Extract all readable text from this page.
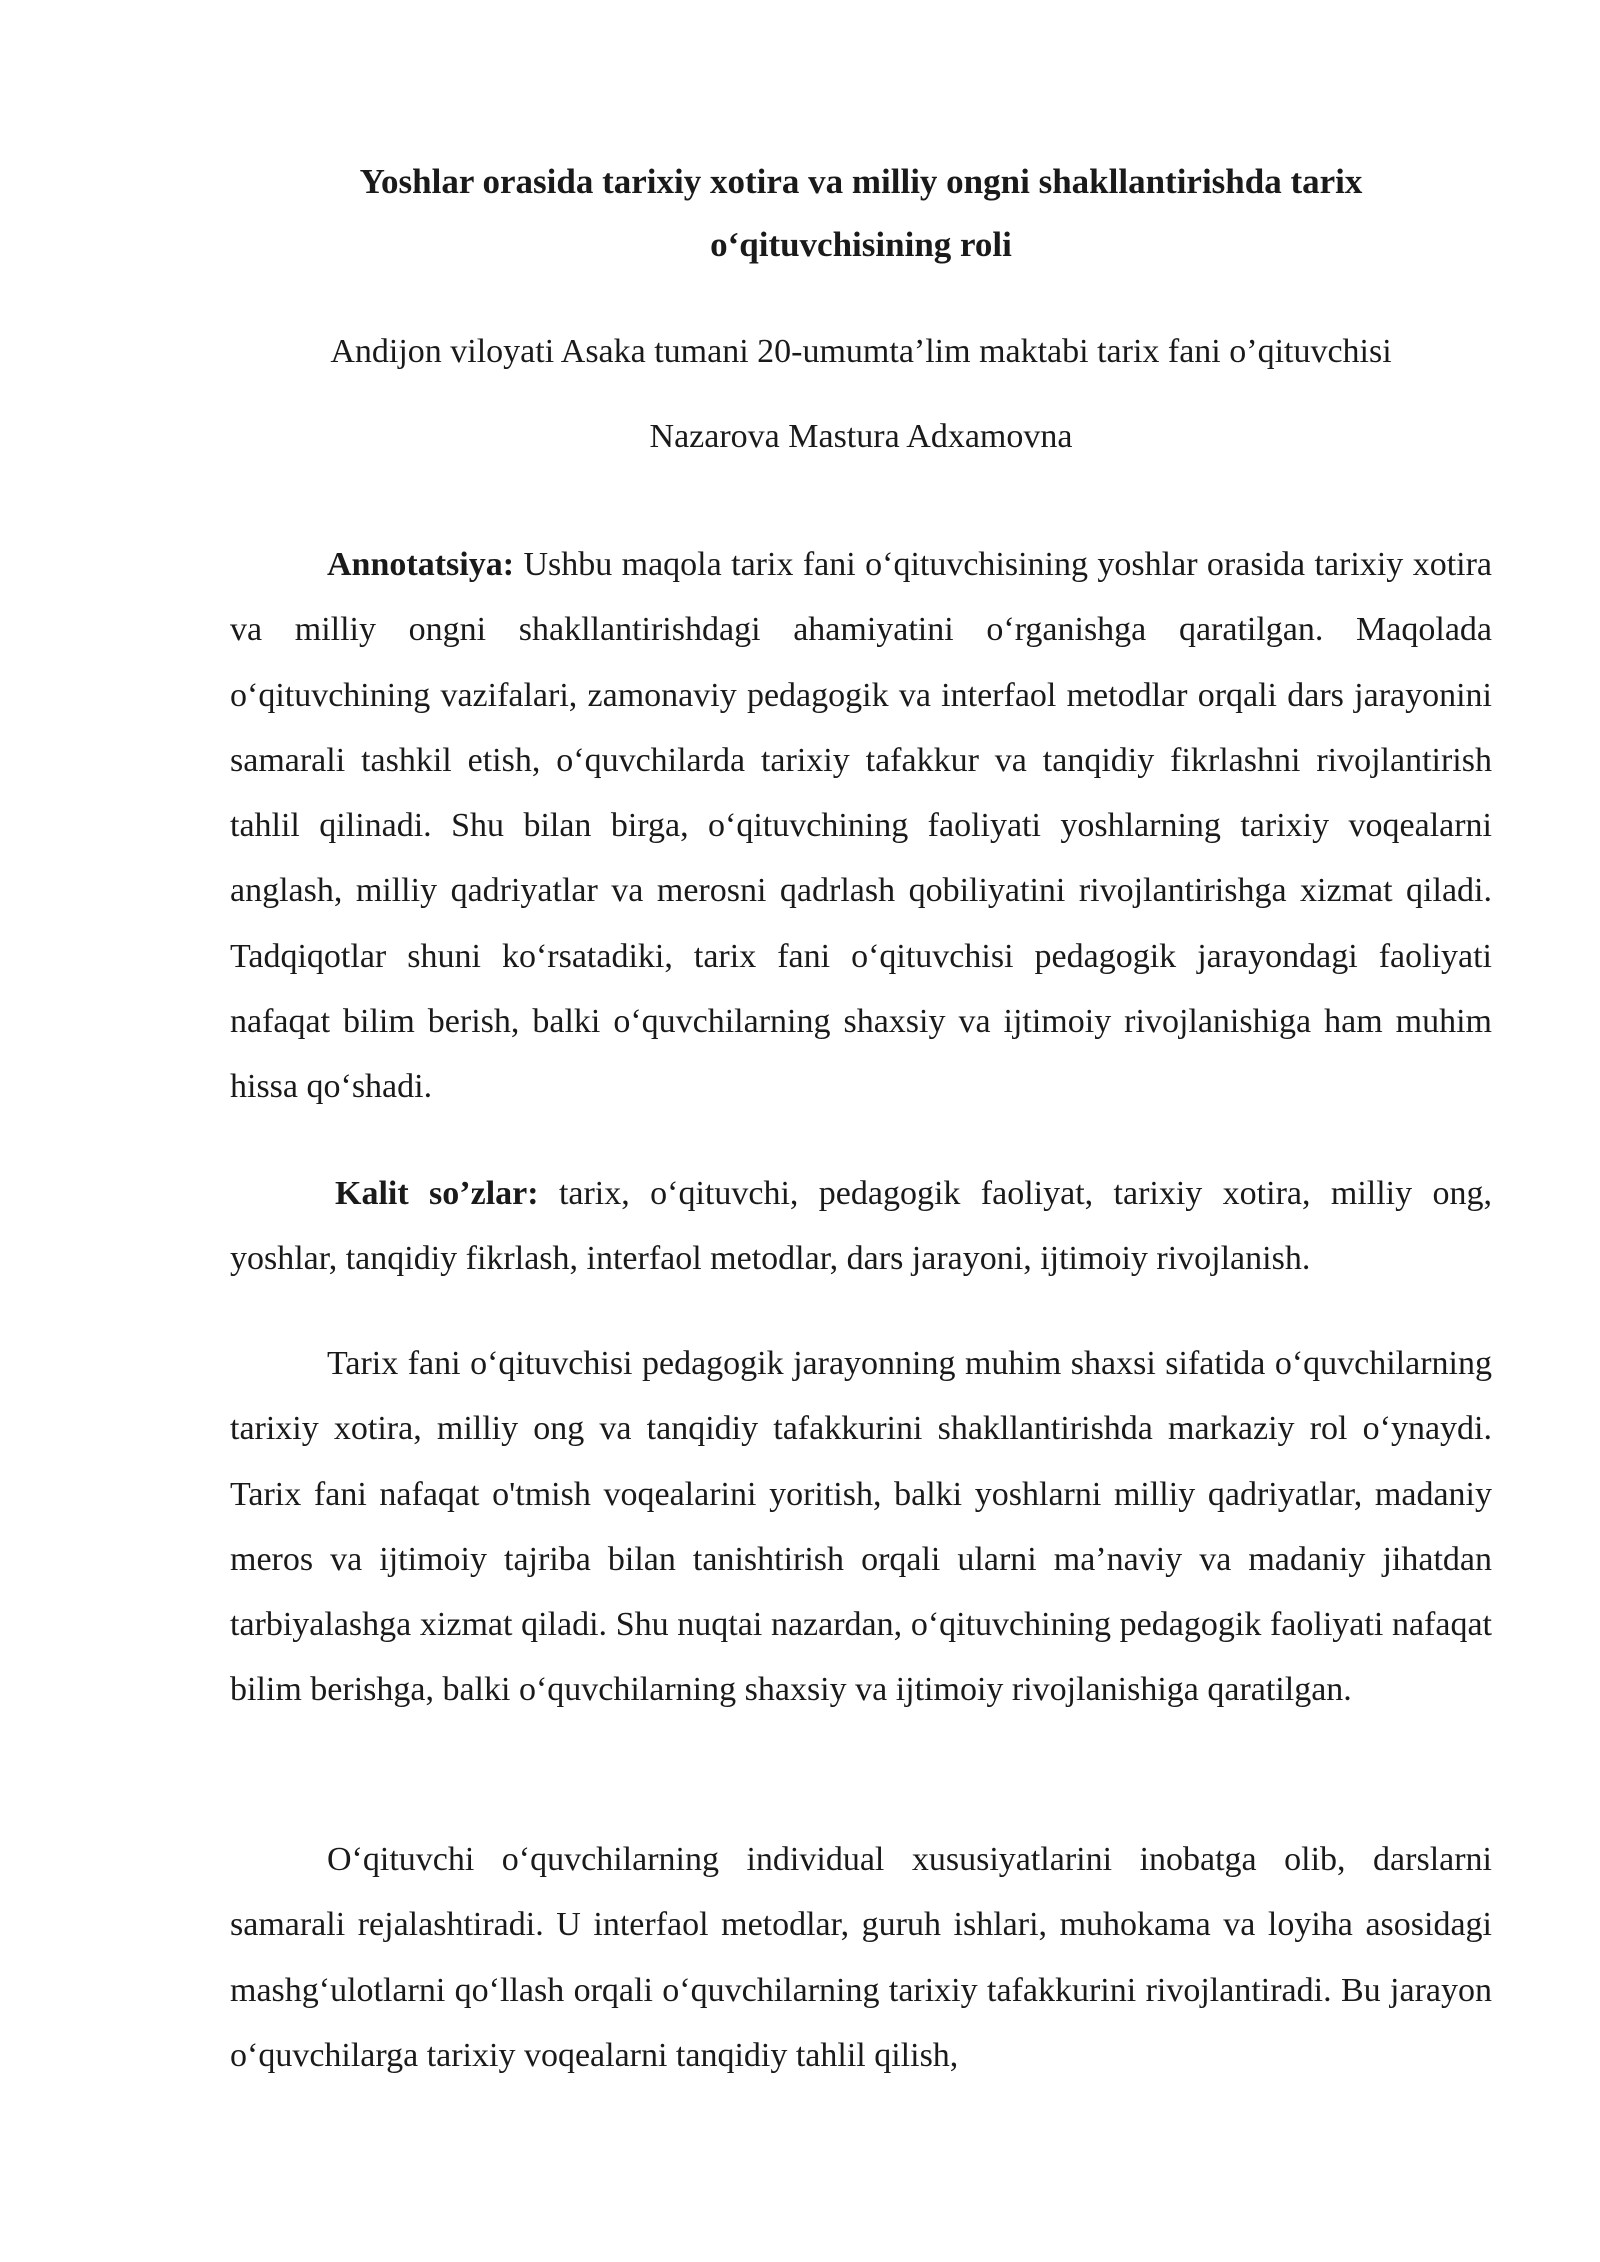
Yoshlar orasida tarixiy xotira va milliy ongni shakllantirishda tarix
o‘qituvchisining roli
Andijon viloyati Asaka tumani 20-umumta’lim maktabi tarix fani o’qituvchisi
Nazarova Mastura Adxamovna

Annotatsiya: Ushbu maqola tarix fani o‘qituvchisining yoshlar orasida tarixiy xotira va milliy ongni shakllantirishdagi ahamiyatini o‘rganishga qaratilgan. Maqolada o‘qituvchining vazifalari, zamonaviy pedagogik va interfaol metodlar orqali dars jarayonini samarali tashkil etish, o‘quvchilarda tarixiy tafakkur va tanqidiy fikrlashni rivojlantirish tahlil qilinadi. Shu bilan birga, o‘qituvchining faoliyati yoshlarning tarixiy voqealarni anglash, milliy qadriyatlar va merosni qadrlash qobiliyatini rivojlantirishga xizmat qiladi. Tadqiqotlar shuni ko‘rsatadiki, tarix fani o‘qituvchisi pedagogik jarayondagi faoliyati nafaqat bilim berish, balki o‘quvchilarning shaxsiy va ijtimoiy rivojlanishiga ham muhim hissa qo‘shadi.

Kalit so’zlar: tarix, o‘qituvchi, pedagogik faoliyat, tarixiy xotira, milliy ong, yoshlar, tanqidiy fikrlash, interfaol metodlar, dars jarayoni, ijtimoiy rivojlanish.

Tarix fani o‘qituvchisi pedagogik jarayonning muhim shaxsi sifatida o‘quvchilarning tarixiy xotira, milliy ong va tanqidiy tafakkurini shakllantirishda markaziy rol o‘ynaydi. Tarix fani nafaqat o'tmish voqealarini yoritish, balki yoshlarni milliy qadriyatlar, madaniy meros va ijtimoiy tajriba bilan tanishtirish orqali ularni ma’naviy va madaniy jihatdan tarbiyalashga xizmat qiladi. Shu nuqtai nazardan, o‘qituvchining pedagogik faoliyati nafaqat bilim berishga, balki o‘quvchilarning shaxsiy va ijtimoiy rivojlanishiga qaratilgan.

O‘qituvchi o‘quvchilarning individual xususiyatlarini inobatga olib, darslarni samarali rejalashtiradi. U interfaol metodlar, guruh ishlari, muhokama va loyiha asosidagi mashg‘ulotlarni qo‘llash orqali o‘quvchilarning tarixiy tafakkurini rivojlantiradi. Bu jarayon o‘quvchilarga tarixiy voqealarni tanqidiy tahlil qilish,
